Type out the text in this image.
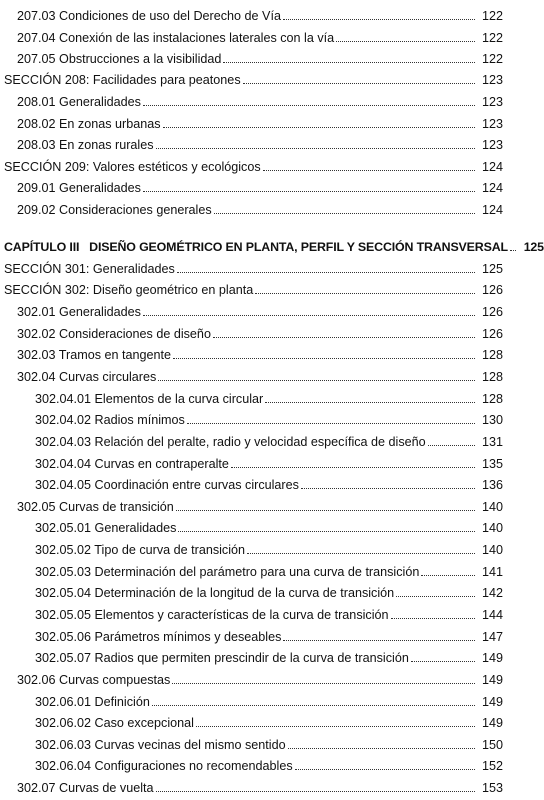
207.03 Condiciones de uso del Derecho de Vía	122
207.04 Conexión de las instalaciones laterales con la vía	122
207.05 Obstrucciones a la visibilidad	122
SECCIÓN 208: Facilidades para peatones	123
208.01 Generalidades	123
208.02 En zonas urbanas	123
208.03 En zonas rurales	123
SECCIÓN 209: Valores estéticos y ecológicos	124
209.01 Generalidades	124
209.02 Consideraciones generales	124
CAPÍTULO III   DISEÑO GEOMÉTRICO EN PLANTA, PERFIL Y SECCIÓN TRANSVERSAL	125
SECCIÓN 301: Generalidades	125
SECCIÓN 302: Diseño geométrico en planta	126
302.01 Generalidades	126
302.02 Consideraciones de diseño	126
302.03 Tramos en tangente	128
302.04 Curvas circulares	128
302.04.01 Elementos de la curva circular	128
302.04.02 Radios mínimos	130
302.04.03 Relación del peralte, radio y velocidad específica de diseño	131
302.04.04 Curvas en contraperalte	135
302.04.05 Coordinación entre curvas circulares	136
302.05 Curvas de transición	140
302.05.01 Generalidades	140
302.05.02 Tipo de curva de transición	140
302.05.03 Determinación del parámetro para una curva de transición	141
302.05.04 Determinación de la longitud de la curva de transición	142
302.05.05 Elementos y características de la curva de transición	144
302.05.06 Parámetros mínimos y deseables	147
302.05.07 Radios que permiten prescindir de la curva de transición	149
302.06 Curvas compuestas	149
302.06.01 Definición	149
302.06.02 Caso excepcional	149
302.06.03 Curvas vecinas del mismo sentido	150
302.06.04 Configuraciones no recomendables	152
302.07 Curvas de vuelta	153
